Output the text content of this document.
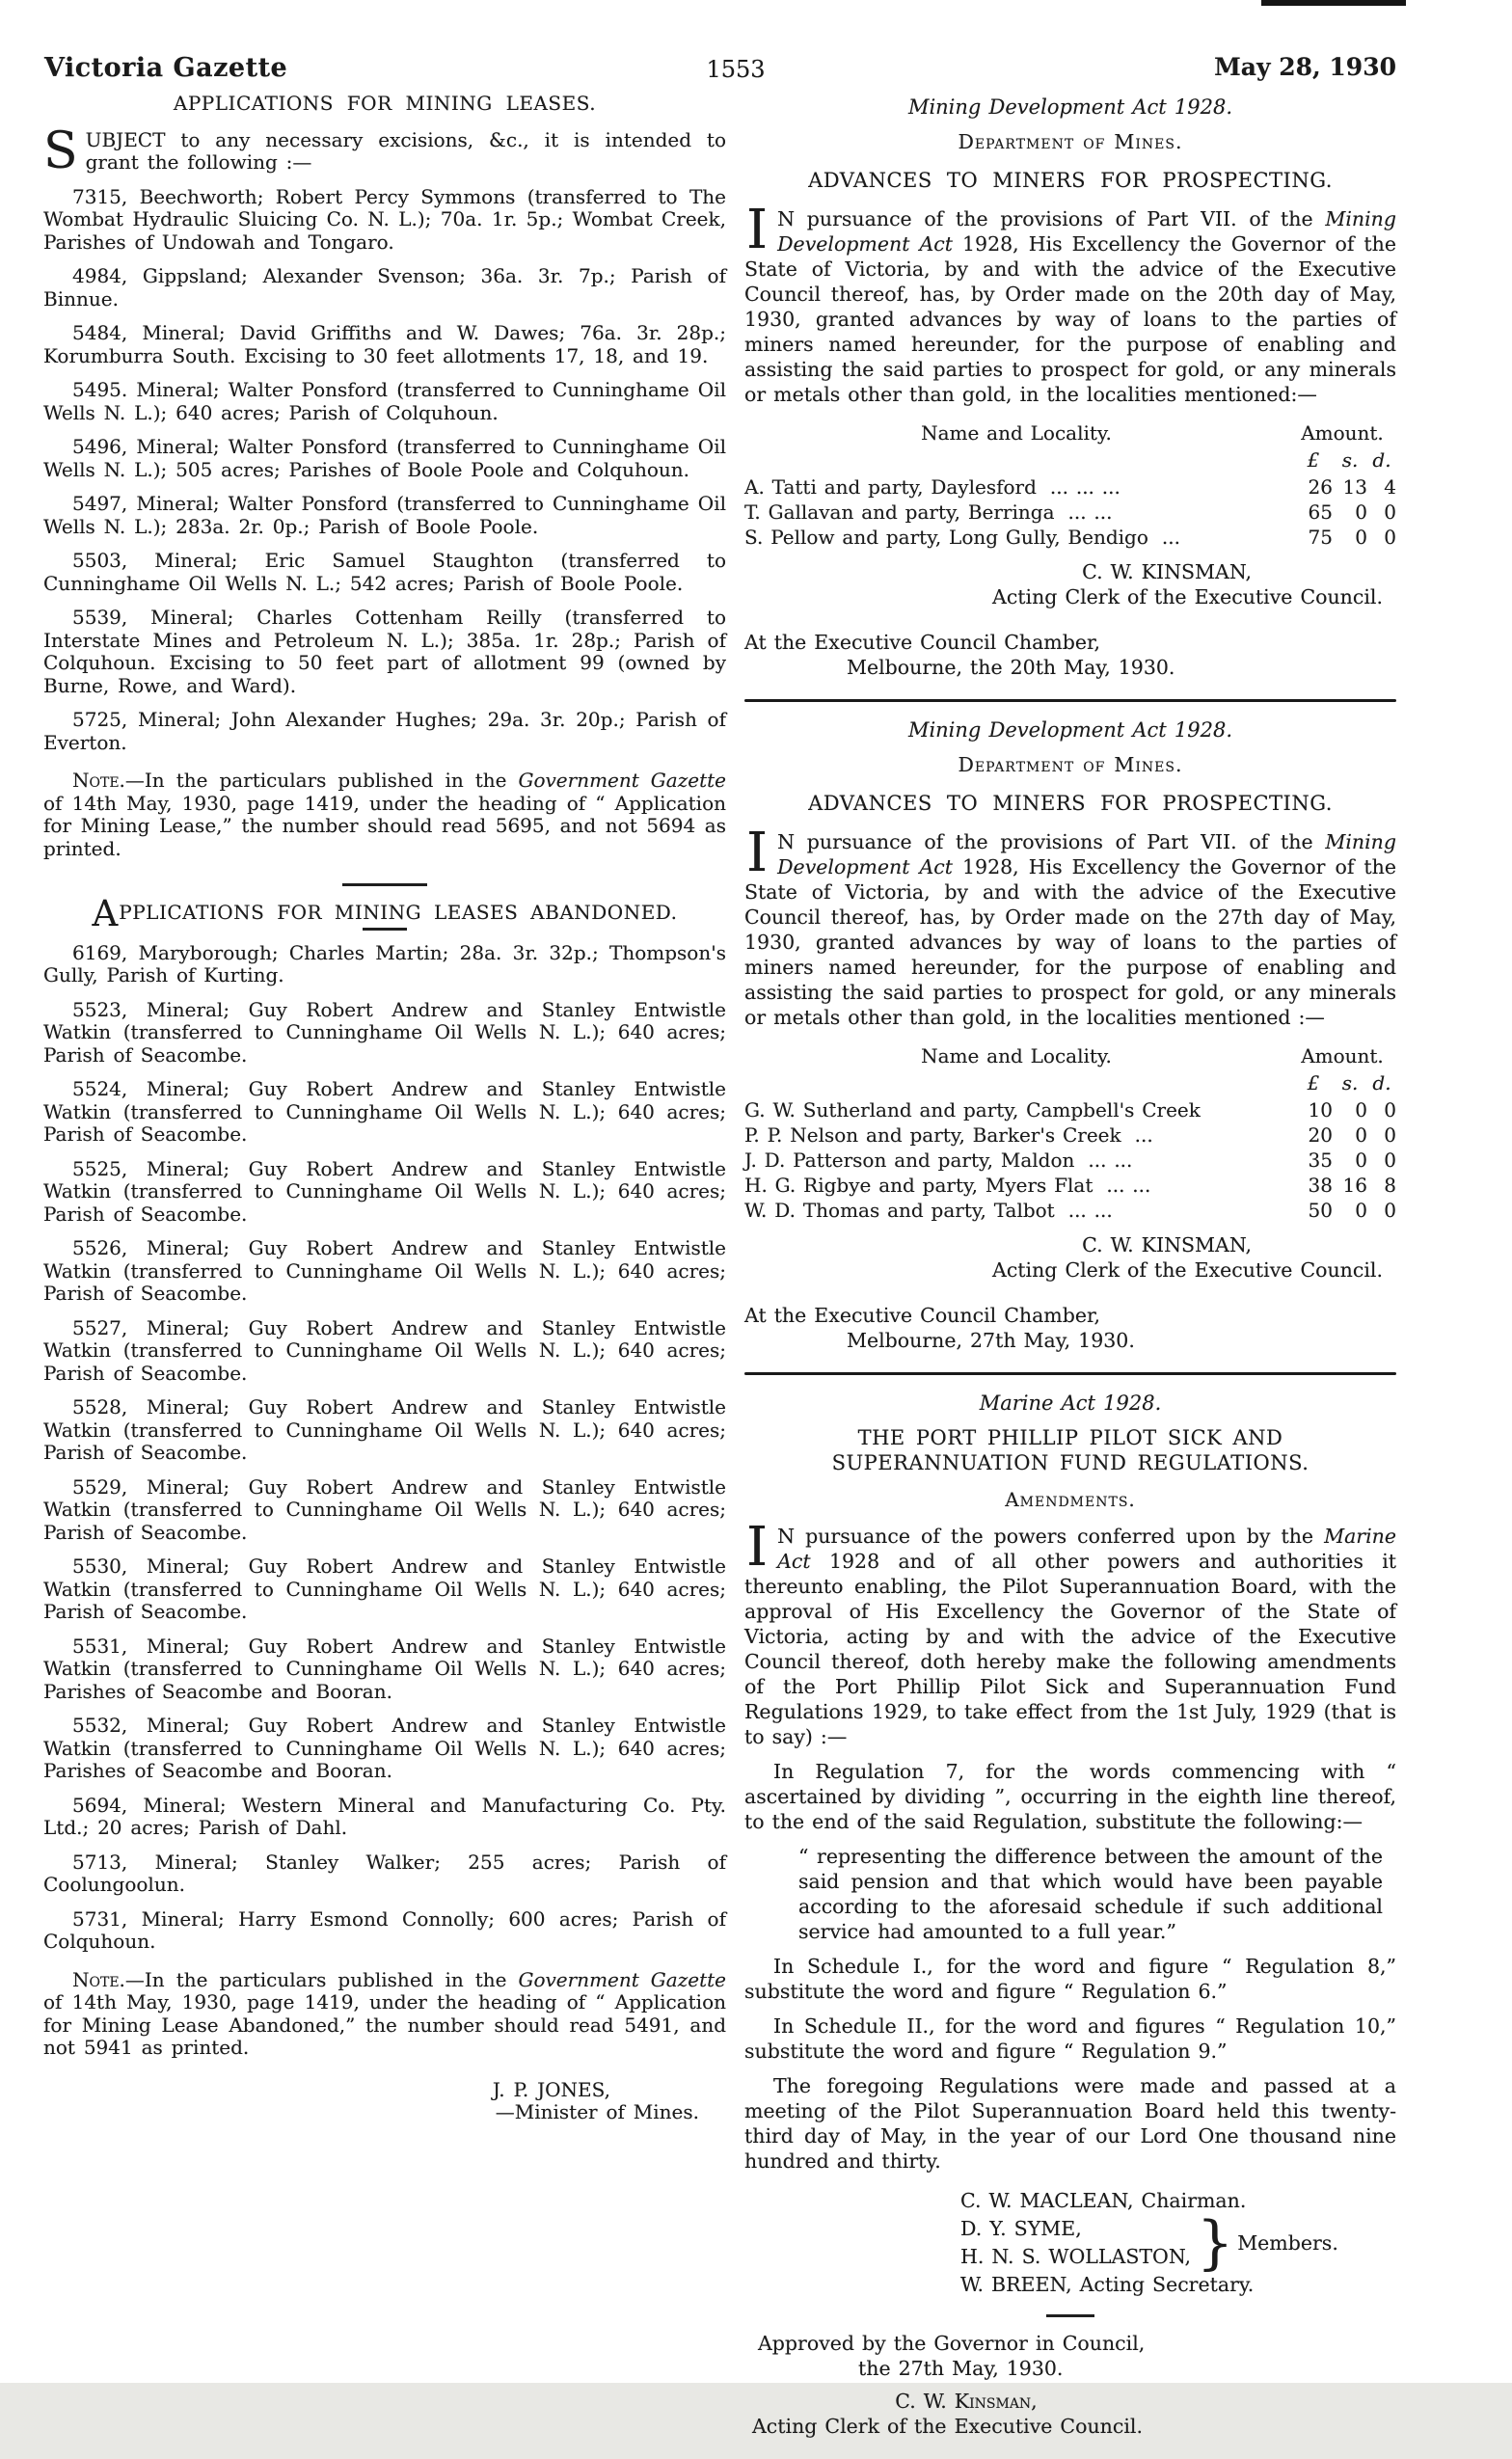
Victoria Gazette	1553	May 28, 1930

APPLICATIONS FOR MINING LEASES.

SUBJECT to any necessary excisions, &c., it is intended to grant the following :—

7315, Beechworth; Robert Percy Symmons (transferred to The Wombat Hydraulic Sluicing Co. N. L.); 70a. 1r. 5p.; Wombat Creek, Parishes of Undowah and Tongaro.

4984, Gippsland; Alexander Svenson; 36a. 3r. 7p.; Parish of Binnue.

5484, Mineral; David Griffiths and W. Dawes; 76a. 3r. 28p.; Korumburra South. Excising to 30 feet allotments 17, 18, and 19.

5495. Mineral; Walter Ponsford (transferred to Cunninghame Oil Wells N. L.); 640 acres; Parish of Colquhoun.

5496, Mineral; Walter Ponsford (transferred to Cunninghame Oil Wells N. L.); 505 acres; Parishes of Boole Poole and Colquhoun.

5497, Mineral; Walter Ponsford (transferred to Cunninghame Oil Wells N. L.); 283a. 2r. 0p.; Parish of Boole Poole.

5503, Mineral; Eric Samuel Staughton (transferred to Cunninghame Oil Wells N. L.; 542 acres; Parish of Boole Poole.

5539, Mineral; Charles Cottenham Reilly (transferred to Interstate Mines and Petroleum N. L.); 385a. 1r. 28p.; Parish of Colquhoun. Excising to 50 feet part of allotment 99 (owned by Burne, Rowe, and Ward).

5725, Mineral; John Alexander Hughes; 29a. 3r. 20p.; Parish of Everton.

Note.—In the particulars published in the Government Gazette of 14th May, 1930, page 1419, under the heading of “ Application for Mining Lease,” the number should read 5695, and not 5694 as printed.

APPLICATIONS FOR MINING LEASES ABANDONED.

6169, Maryborough; Charles Martin; 28a. 3r. 32p.; Thompson's Gully, Parish of Kurting.

5523, Mineral; Guy Robert Andrew and Stanley Entwistle Watkin (transferred to Cunninghame Oil Wells N. L.); 640 acres; Parish of Seacombe.

5524, Mineral; Guy Robert Andrew and Stanley Entwistle Watkin (transferred to Cunninghame Oil Wells N. L.); 640 acres; Parish of Seacombe.

5525, Mineral; Guy Robert Andrew and Stanley Entwistle Watkin (transferred to Cunninghame Oil Wells N. L.); 640 acres; Parish of Seacombe.

5526, Mineral; Guy Robert Andrew and Stanley Entwistle Watkin (transferred to Cunninghame Oil Wells N. L.); 640 acres; Parish of Seacombe.

5527, Mineral; Guy Robert Andrew and Stanley Entwistle Watkin (transferred to Cunninghame Oil Wells N. L.); 640 acres; Parish of Seacombe.

5528, Mineral; Guy Robert Andrew and Stanley Entwistle Watkin (transferred to Cunninghame Oil Wells N. L.); 640 acres; Parish of Seacombe.

5529, Mineral; Guy Robert Andrew and Stanley Entwistle Watkin (transferred to Cunninghame Oil Wells N. L.); 640 acres; Parish of Seacombe.

5530, Mineral; Guy Robert Andrew and Stanley Entwistle Watkin (transferred to Cunninghame Oil Wells N. L.); 640 acres; Parish of Seacombe.

5531, Mineral; Guy Robert Andrew and Stanley Entwistle Watkin (transferred to Cunninghame Oil Wells N. L.); 640 acres; Parishes of Seacombe and Booran.

5532, Mineral; Guy Robert Andrew and Stanley Entwistle Watkin (transferred to Cunninghame Oil Wells N. L.); 640 acres; Parishes of Seacombe and Booran.

5694, Mineral; Western Mineral and Manufacturing Co. Pty. Ltd.; 20 acres; Parish of Dahl.

5713, Mineral; Stanley Walker; 255 acres; Parish of Coolungoolun.

5731, Mineral; Harry Esmond Connolly; 600 acres; Parish of Colquhoun.

Note.—In the particulars published in the Government Gazette of 14th May, 1930, page 1419, under the heading of “ Application for Mining Lease Abandoned,” the number should read 5491, and not 5941 as printed.

J. P. JONES,
—Minister of Mines.

Mining Development Act 1928.

Department of Mines.

ADVANCES TO MINERS FOR PROSPECTING.

I N pursuance of the provisions of Part VII. of the Mining Development Act 1928, His Excellency the Governor of the State of Victoria, by and with the advice of the Executive Council thereof, has, by Order made on the 20th day of May, 1930, granted advances by way of loans to the parties of miners named hereunder, for the purpose of enabling and assisting the said parties to prospect for gold, or any minerals or metals other than gold, in the localities mentioned:—

Name and Locality.	Amount.
£	s. d.
A. Tatti and party, Daylesford ... ... ...	26 13 4
T. Gallavan and party, Berringa ... ...	65	0 0
S. Pellow and party, Long Gully, Bendigo ...	75	0 0

C. W. KINSMAN,
Acting Clerk of the Executive Council.

At the Executive Council Chamber,
Melbourne, the 20th May, 1930.

Mining Development Act 1928.

Department of Mines.

ADVANCES TO MINERS FOR PROSPECTING.

I N pursuance of the provisions of Part VII. of the Mining Development Act 1928, His Excellency the Governor of the State of Victoria, by and with the advice of the Executive Council thereof, has, by Order made on the 27th day of May, 1930, granted advances by way of loans to the parties of miners named hereunder, for the purpose of enabling and assisting the said parties to prospect for gold, or any minerals or metals other than gold, in the localities mentioned :—

Name and Locality.	Amount.
£	s. d.
G. W. Sutherland and party, Campbell's Creek	10	0 0
P. P. Nelson and party, Barker's Creek ...	20	0 0
J. D. Patterson and party, Maldon ... ...	35	0 0
H. G. Rigbye and party, Myers Flat ... ...	38 16 8
W. D. Thomas and party, Talbot ... ...	50	0 0

C. W. KINSMAN,
Acting Clerk of the Executive Council.

At the Executive Council Chamber,
Melbourne, 27th May, 1930.

Marine Act 1928.

THE PORT PHILLIP PILOT SICK AND

SUPERANNUATION FUND REGULATIONS.

Amendments.

I N pursuance of the powers conferred upon by the Marine Act 1928 and of all other powers and authorities it thereunto enabling, the Pilot Superannuation Board, with the approval of His Excellency the Governor of the State of Victoria, acting by and with the advice of the Executive Council thereof, doth hereby make the following amendments of the Port Phillip Pilot Sick and Superannuation Fund Regulations 1929, to take effect from the 1st July, 1929 (that is to say) :—

In Regulation 7, for the words commencing with “ ascertained by dividing ”, occurring in the eighth line thereof, to the end of the said Regulation, substitute the following:—

“ representing the difference between the amount of the said pension and that which would have been payable according to the aforesaid schedule if such additional service had amounted to a full year.”

In Schedule I., for the word and figure “ Regulation 8,” substitute the word and figure “ Regulation 6.”

In Schedule II., for the word and figures “ Regulation 10,” substitute the word and figure “ Regulation 9.”

The foregoing Regulations were made and passed at a meeting of the Pilot Superannuation Board held this twenty-third day of May, in the year of our Lord One thousand nine hundred and thirty.

C. W. MACLEAN, Chairman.
D. Y. SYME,
H. N. S. WOLLASTON, } Members.
W. BREEN, Acting Secretary.

Approved by the Governor in Council,
the 27th May, 1930.

C. W. Kinsman,
Acting Clerk of the Executive Council.
